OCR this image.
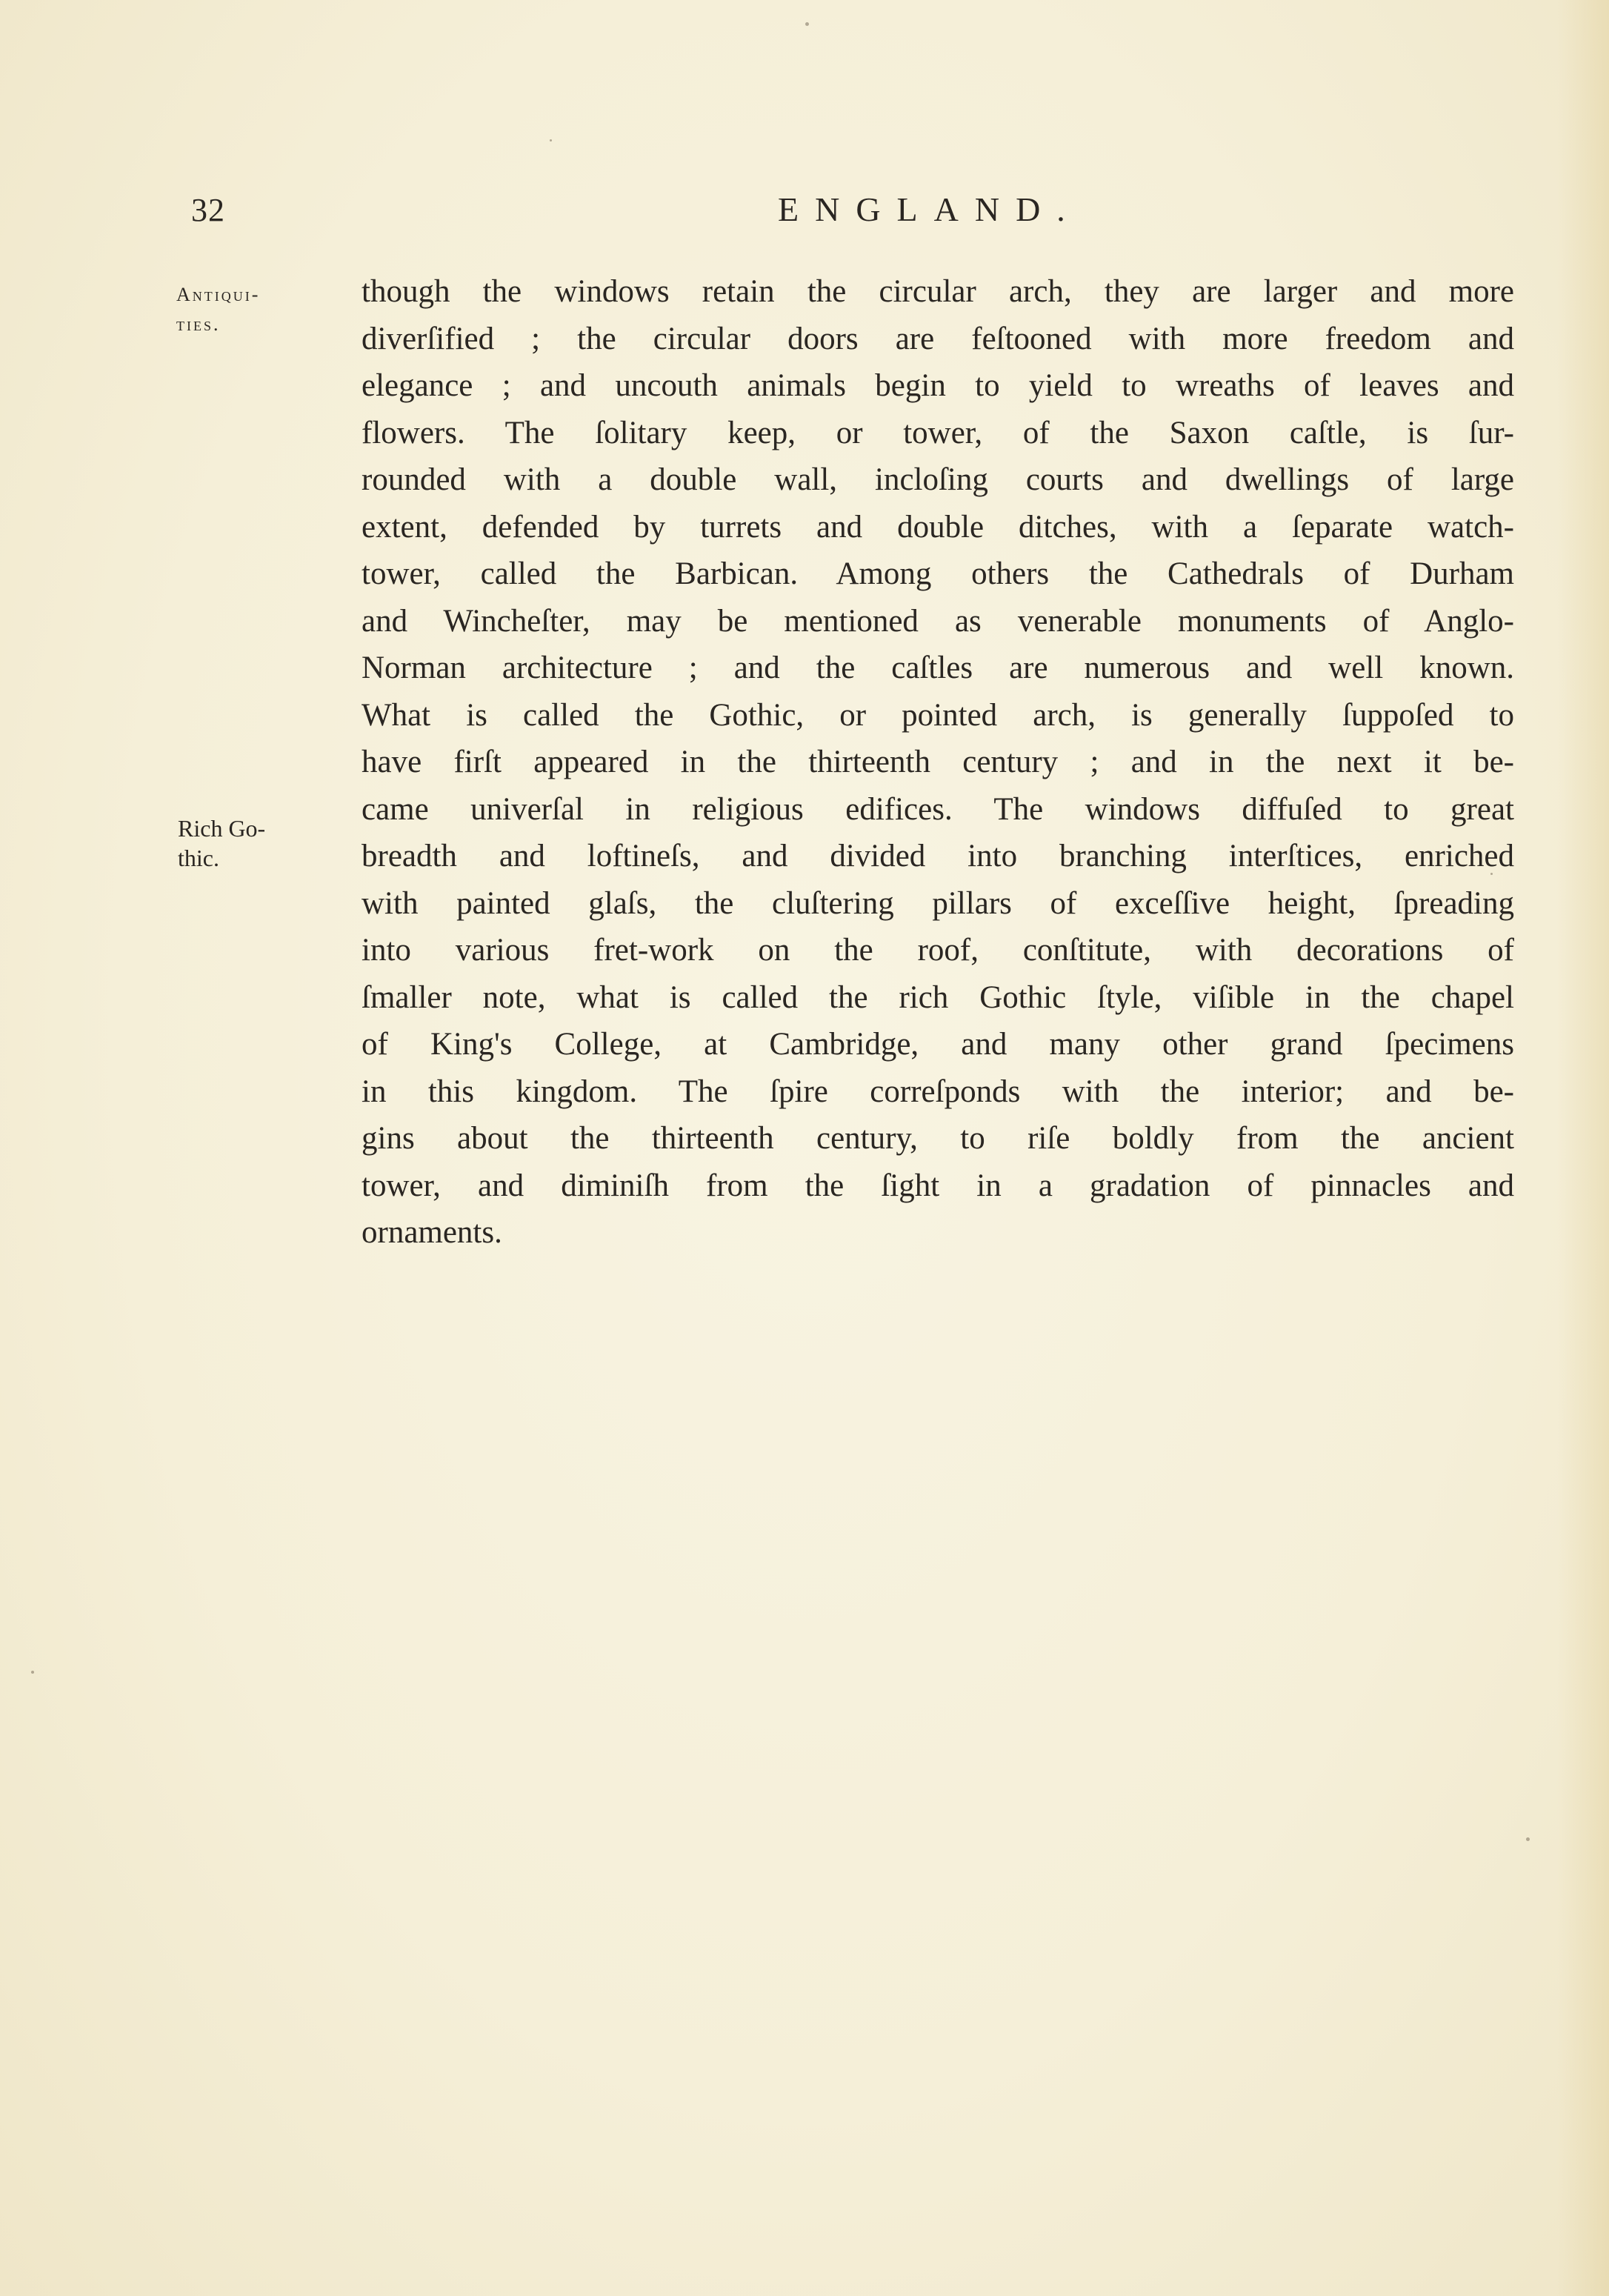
32	ENGLAND.
Antiqui-
ties.
Rich Go-
thic.
though the windows retain the circular arch, they are larger and more
diverſified ; the circular doors are feſtooned with more freedom and
elegance ; and uncouth animals begin to yield to wreaths of leaves and
flowers. The ſolitary keep, or tower, of the Saxon caſtle, is ſur-
rounded with a double wall, incloſing courts and dwellings of large
extent, defended by turrets and double ditches, with a ſeparate watch-
tower, called the Barbican. Among others the Cathedrals of Durham
and Wincheſter, may be mentioned as venerable monuments of Anglo-
Norman architecture ; and the caſtles are numerous and well known.
What is called the Gothic, or pointed arch, is generally ſuppoſed to
have firſt appeared in the thirteenth century ; and in the next it be-
came univerſal in religious edifices. The windows diffuſed to great
breadth and loftineſs, and divided into branching interſtices, enriched
with painted glaſs, the cluſtering pillars of exceſſive height, ſpreading
into various fret-work on the roof, conſtitute, with decorations of
ſmaller note, what is called the rich Gothic ſtyle, viſible in the chapel
of King's College, at Cambridge, and many other grand ſpecimens
in this kingdom. The ſpire correſponds with the interior; and be-
gins about the thirteenth century, to riſe boldly from the ancient
tower, and diminiſh from the ſight in a gradation of pinnacles and
ornaments.
